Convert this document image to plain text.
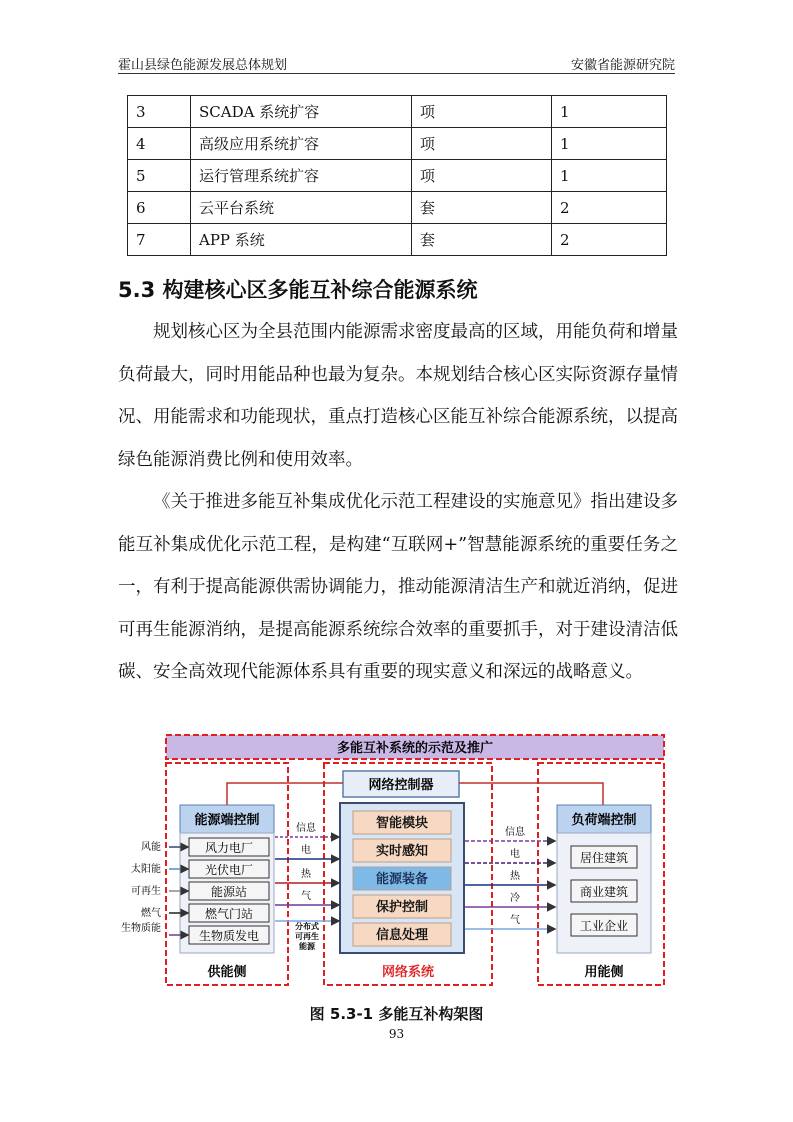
霍山县绿色能源发展总体规划	安徽省能源研究院
3	SCADA 系统扩容	项	1
4	高级应用系统扩容	项	1
5	运行管理系统扩容	项	1
6	云平台系统	套	2
7	APP 系统	套	2
5.3 构建核心区多能互补综合能源系统

规划核心区为全县范围内能源需求密度最高的区域，用能负荷和增量负荷最大，同时用能品种也最为复杂。本规划结合核心区实际资源存量情况、用能需求和功能现状，重点打造核心区能互补综合能源系统，以提高绿色能源消费比例和使用效率。

《关于推进多能互补集成优化示范工程建设的实施意见》指出建设多能互补集成优化示范工程，是构建“互联网+”智慧能源系统的重要任务之一，有利于提高能源供需协调能力，推动能源清洁生产和就近消纳，促进可再生能源消纳，是提高能源系统综合效率的重要抓手，对于建设清洁低碳、安全高效现代能源体系具有重要的现实意义和深远的战略意义。

多能互补系统的示范及推广
网络控制器
智能模块
实时感知
能源装备
保护控制
信息处理
能源端控制
风力电厂
光伏电厂
能源站
燃气门站
生物质发电
风能
太阳能
可再生
燃气
生物质能
供能侧
信息
电
热
气
分布式可再生能源
信息
电
热
冷
气
负荷端控制
居住建筑
商业建筑
工业企业
用能侧
网络系统
图 5.3-1 多能互补构架图
93
